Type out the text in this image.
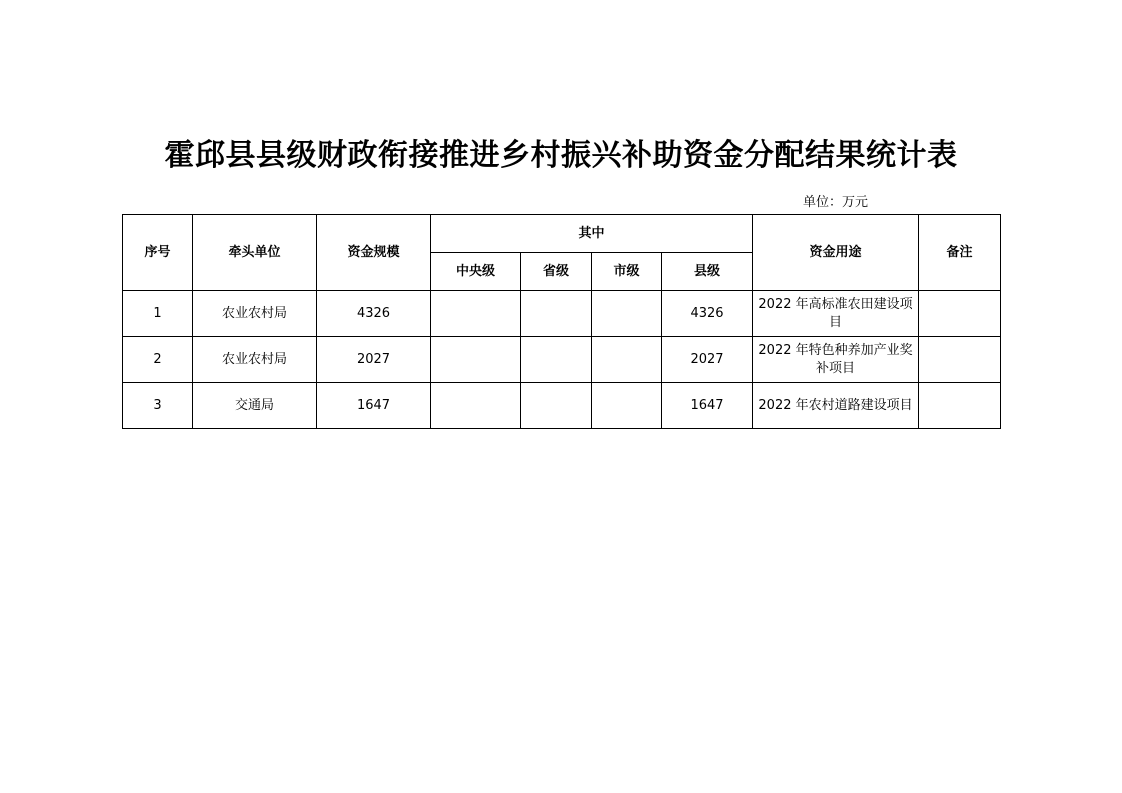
霍邱县县级财政衔接推进乡村振兴补助资金分配结果统计表
单位：万元
序号	牵头单位	资金规模	其中				资金用途	备注
			中央级	省级	市级	县级		
1	农业农村局	4326				4326	2022 年高标准农田建设项目	
2	农业农村局	2027				2027	2022 年特色种养加产业奖补项目	
3	交通局	1647				1647	2022 年农村道路建设项目	
